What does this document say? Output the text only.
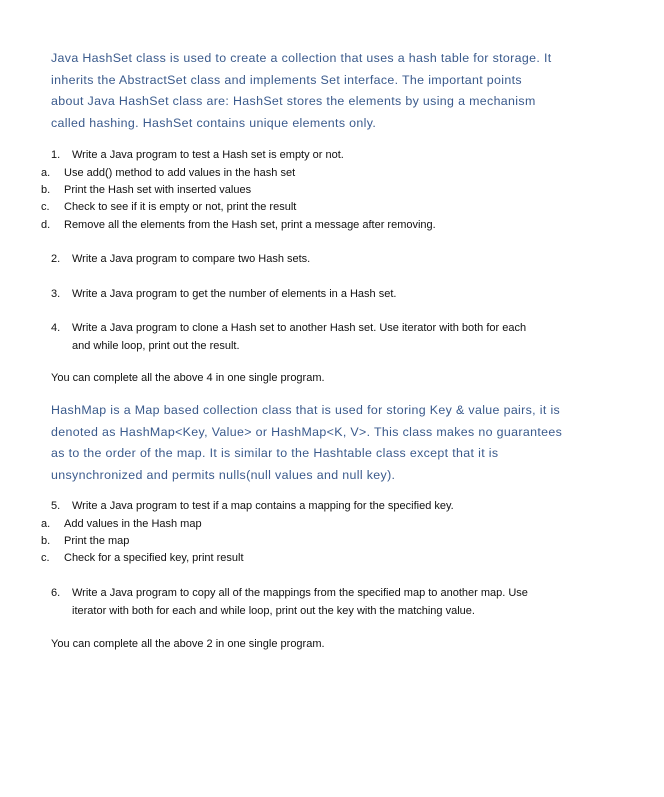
Java HashSet class is used to create a collection that uses a hash table for storage. It
inherits the AbstractSet class and implements Set interface. The important points
about Java HashSet class are: HashSet stores the elements by using a mechanism
called hashing. HashSet contains unique elements only.
1. Write a Java program to test a Hash set is empty or not.
a. Use add() method to add values in the hash set
b. Print the Hash set with inserted values
c. Check to see if it is empty or not, print the result
d. Remove all the elements from the Hash set, print a message after removing.
2. Write a Java program to compare two Hash sets.
3. Write a Java program to get the number of elements in a Hash set.
4. Write a Java program to clone a Hash set to another Hash set. Use iterator with both for each
and while loop, print out the result.
You can complete all the above 4 in one single program.
HashMap is a Map based collection class that is used for storing Key & value pairs, it is
denoted as HashMap<Key, Value> or HashMap<K, V>. This class makes no guarantees
as to the order of the map. It is similar to the Hashtable class except that it is
unsynchronized and permits nulls(null values and null key).
5. Write a Java program to test if a map contains a mapping for the specified key.
a. Add values in the Hash map
b. Print the map
c. Check for a specified key, print result
6. Write a Java program to copy all of the mappings from the specified map to another map. Use
iterator with both for each and while loop, print out the key with the matching value.
You can complete all the above 2 in one single program.
